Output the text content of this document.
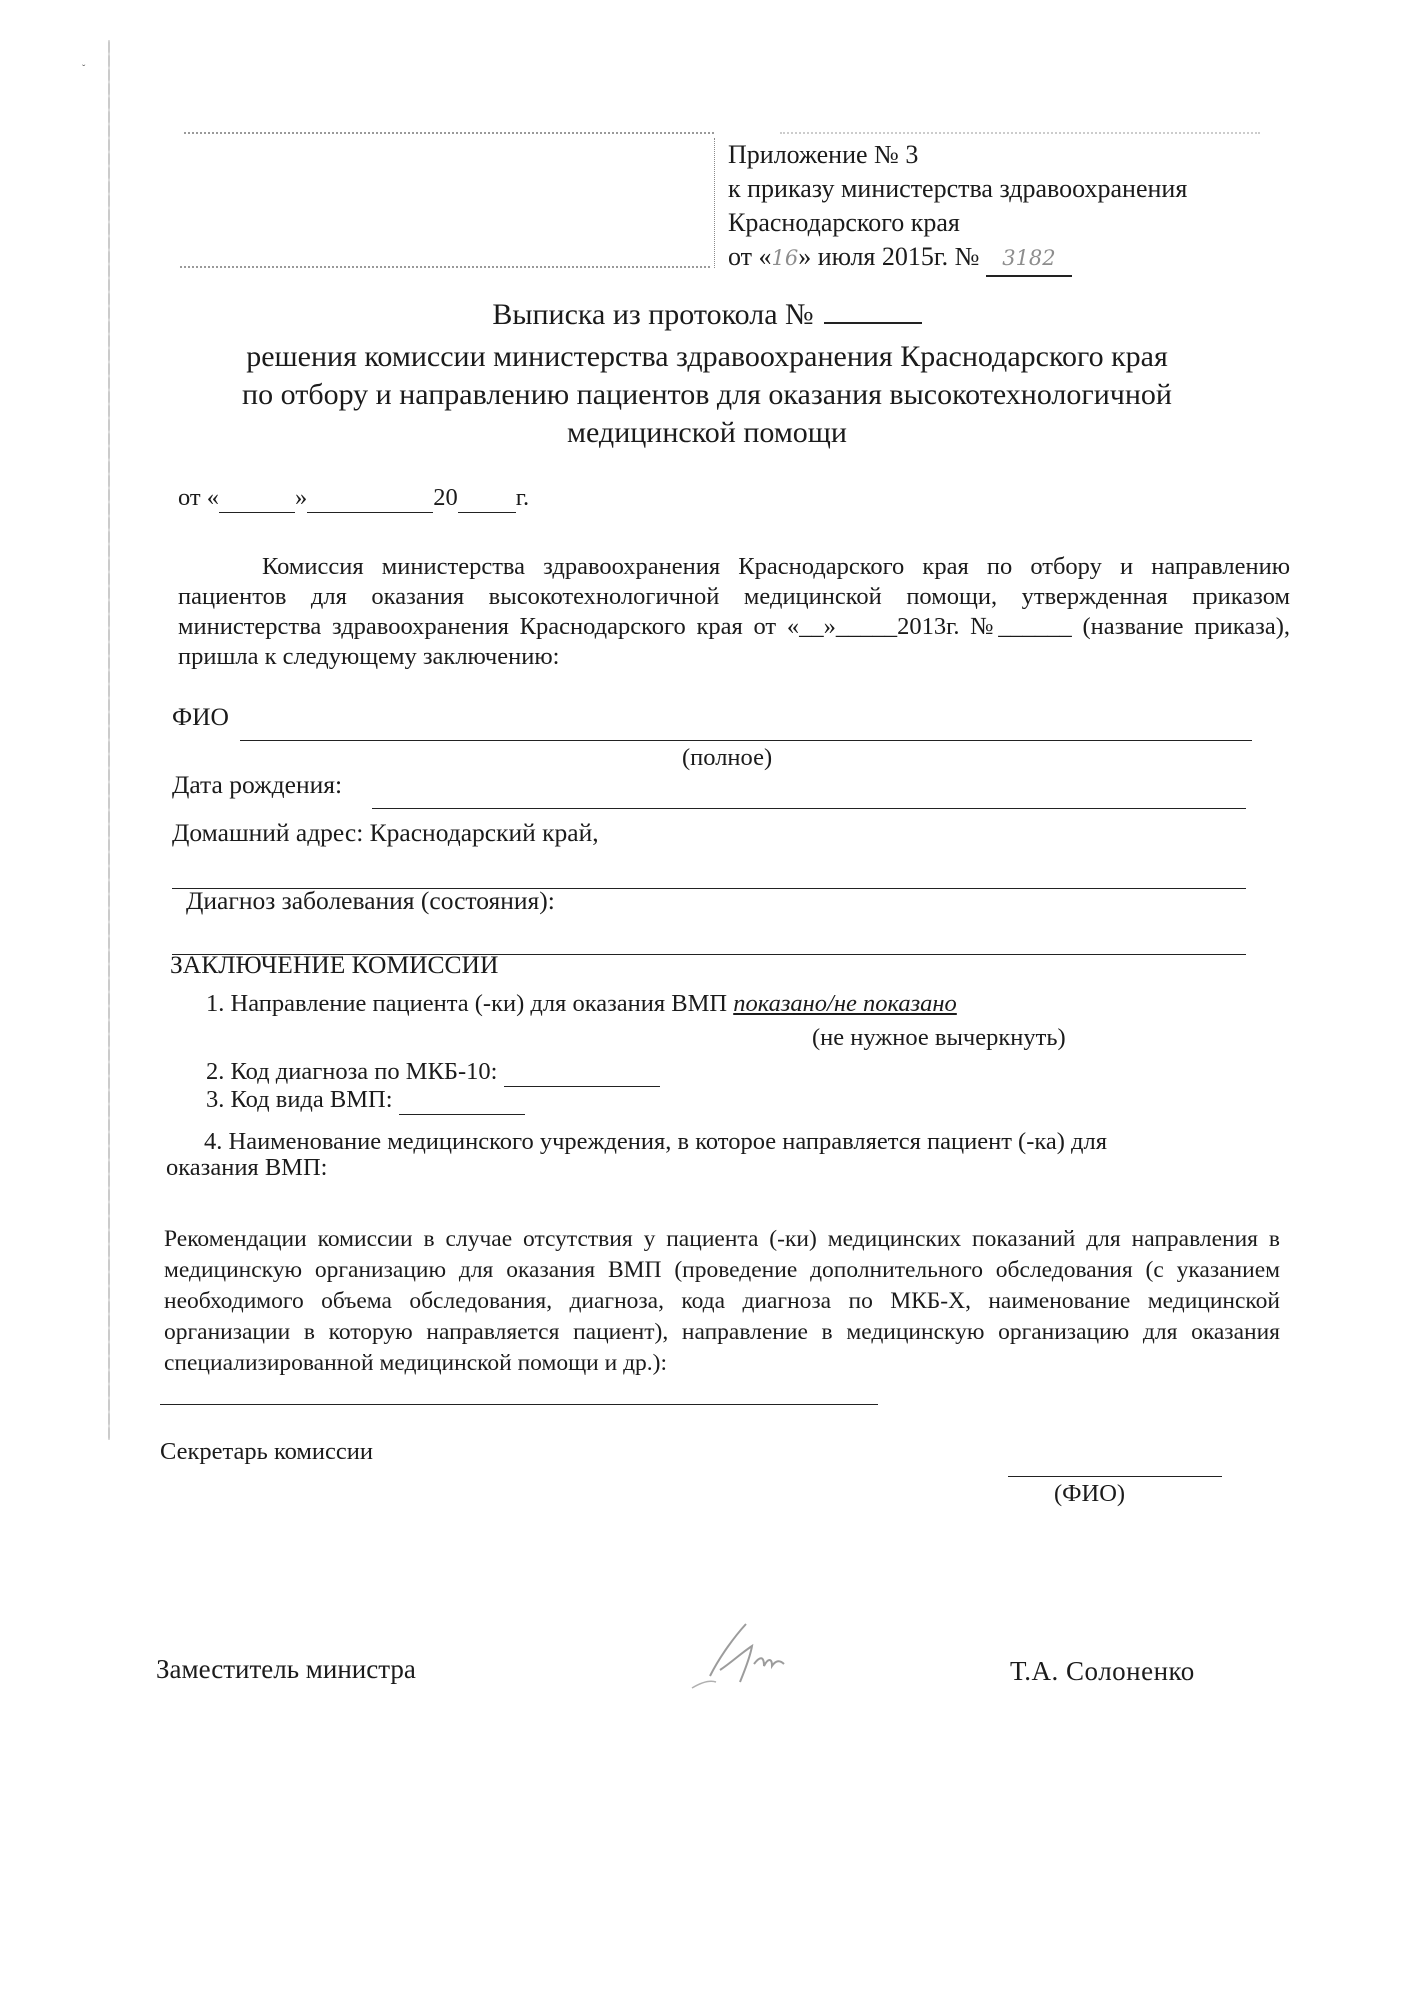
ˇ
Приложение № 3
к приказу министерства здравоохранения
Краснодарского края
от «16» июля 2015г. № 3182
Выписка из протокола №
решения комиссии министерства здравоохранения Краснодарского края
по отбору и направлению пациентов для оказания высокотехнологичной
медицинской помощи
от «	»	20 г.
Комиссия министерства здравоохранения Краснодарского края по отбору и направлению пациентов для оказания высокотехнологичной медицинской помощи, утвержденная приказом министерства здравоохранения Краснодарского края от «__»_____2013г. №______ (название приказа), пришла к следующему заключению:
ФИО
(полное)
Дата рождения:
Домашний адрес: Краснодарский край,
Диагноз заболевания (состояния):
ЗАКЛЮЧЕНИЕ КОМИССИИ
1. Направление пациента (-ки) для оказания ВМП показано/не показано
(не нужное вычеркнуть)
2. Код диагноза по МКБ-10:
3. Код вида ВМП:
4. Наименование медицинского учреждения, в которое направляется пациент (-ка) для
оказания ВМП:
Рекомендации комиссии в случае отсутствия у пациента (-ки) медицинских показаний для направления в медицинскую организацию для оказания ВМП (проведение дополнительного обследования (с указанием необходимого объема обследования, диагноза, кода диагноза по МКБ-Х, наименование медицинской организации в которую направляется пациент), направление в медицинскую организацию для оказания специализированной медицинской помощи и др.):
Секретарь комиссии
(ФИО)
Заместитель министра	Т.А. Солоненко
